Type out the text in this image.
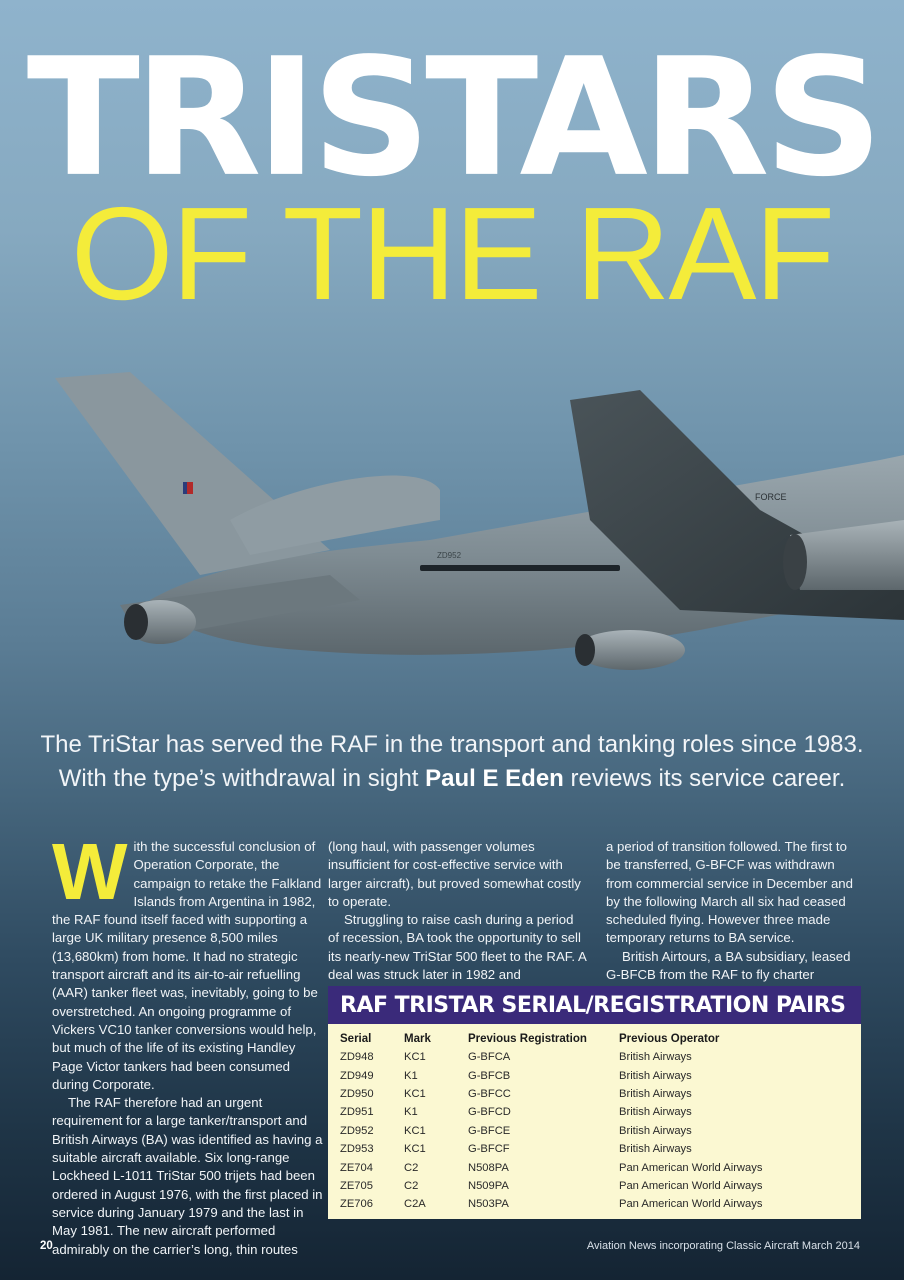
TRISTARS
OF THE RAF
ZD952
FORCE
The TriStar has served the RAF in the transport and tanking roles since 1983. With the type’s withdrawal in sight Paul E Eden reviews its service career.

With the successful conclusion of Operation Corporate, the campaign to retake the Falkland Islands from Argentina in 1982, the RAF found itself faced with supporting a large UK military presence 8,500 miles (13,680km) from home. It had no strategic transport aircraft and its air-to-air refuelling (AAR) tanker fleet was, inevitably, going to be overstretched. An ongoing programme of Vickers VC10 tanker conversions would help, but much of the life of its existing Handley Page Victor tankers had been consumed during Corporate.

The RAF therefore had an urgent requirement for a large tanker/transport and British Airways (BA) was identified as having a suitable aircraft available. Six long-range Lockheed L-1011 TriStar 500 trijets had been ordered in August 1976, with the first placed in service during January 1979 and the last in May 1981. The new aircraft performed admirably on the carrier’s long, thin routes

(long haul, with passenger volumes insufficient for cost-effective service with larger aircraft), but proved somewhat costly to operate.

Struggling to raise cash during a period of recession, BA took the opportunity to sell its nearly-new TriStar 500 fleet to the RAF. A deal was struck later in 1982 and

a period of transition followed. The first to be transferred, G-BFCF was withdrawn from commercial service in December and by the following March all six had ceased scheduled flying. However three made temporary returns to BA service.

British Airtours, a BA subsidiary, leased G-BFCB from the RAF to fly charter

RAF TRISTAR SERIAL/REGISTRATION PAIRS
Serial	Mark	Previous Registration	Previous Operator
ZD948	KC1	G-BFCA	British Airways
ZD949	K1	G-BFCB	British Airways
ZD950	KC1	G-BFCC	British Airways
ZD951	K1	G-BFCD	British Airways
ZD952	KC1	G-BFCE	British Airways
ZD953	KC1	G-BFCF	British Airways
ZE704	C2	N508PA	Pan American World Airways
ZE705	C2	N509PA	Pan American World Airways
ZE706	C2A	N503PA	Pan American World Airways
20	Aviation News incorporating Classic Aircraft March 2014
